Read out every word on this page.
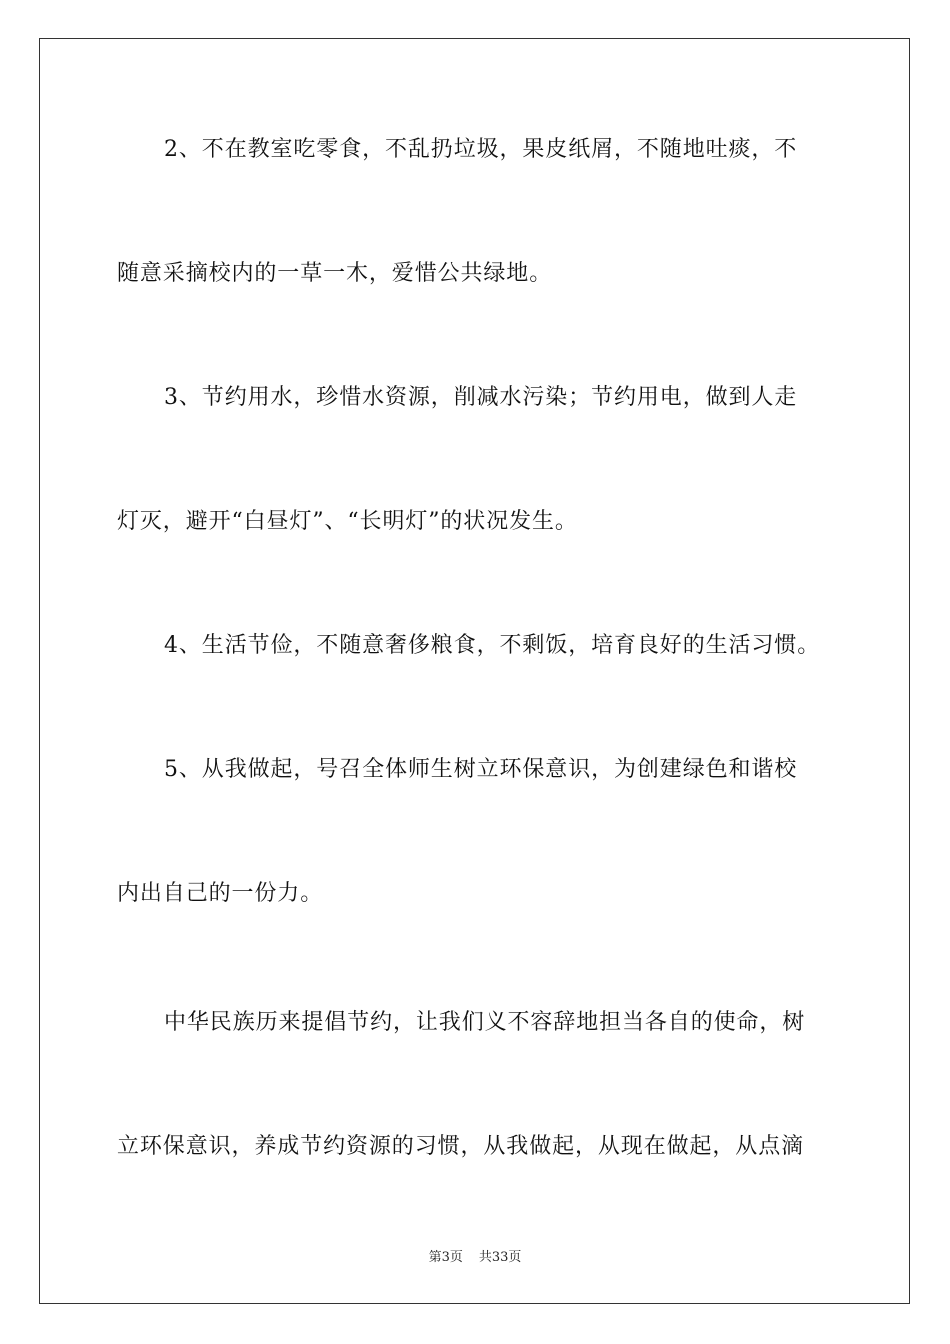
2、不在教室吃零食，不乱扔垃圾，果皮纸屑，不随地吐痰，不
随意采摘校内的一草一木，爱惜公共绿地。
3、节约用水，珍惜水资源，削减水污染；节约用电，做到人走
灯灭，避开“白昼灯”、“长明灯”的状况发生。
4、生活节俭，不随意奢侈粮食，不剩饭，培育良好的生活习惯。
5、从我做起，号召全体师生树立环保意识，为创建绿色和谐校
内出自己的一份力。
中华民族历来提倡节约，让我们义不容辞地担当各自的使命，树
立环保意识，养成节约资源的习惯，从我做起，从现在做起，从点滴
第3页 共33页
